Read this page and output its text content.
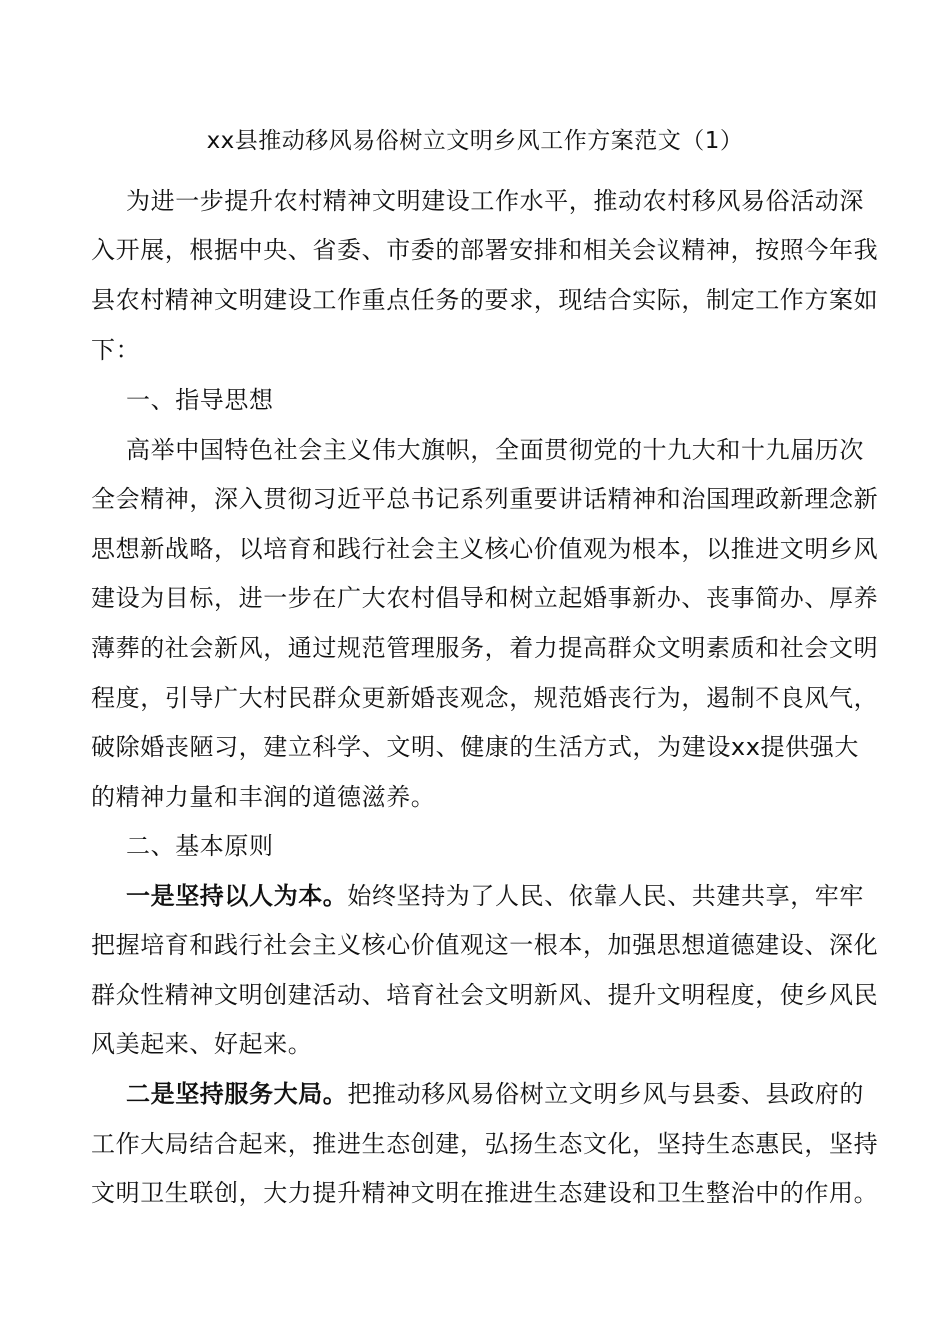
xx县推动移风易俗树立文明乡风工作方案范文（1）
为进一步提升农村精神文明建设工作水平，推动农村移风易俗活动深
入开展，根据中央、省委、市委的部署安排和相关会议精神，按照今年我
县农村精神文明建设工作重点任务的要求，现结合实际，制定工作方案如
下：
一、指导思想
高举中国特色社会主义伟大旗帜，全面贯彻党的十九大和十九届历次
全会精神，深入贯彻习近平总书记系列重要讲话精神和治国理政新理念新
思想新战略，以培育和践行社会主义核心价值观为根本，以推进文明乡风
建设为目标，进一步在广大农村倡导和树立起婚事新办、丧事简办、厚养
薄葬的社会新风，通过规范管理服务，着力提高群众文明素质和社会文明
程度，引导广大村民群众更新婚丧观念，规范婚丧行为，遏制不良风气，
破除婚丧陋习，建立科学、文明、健康的生活方式，为建设xx提供强大
的精神力量和丰润的道德滋养。
二、基本原则
一是坚持以人为本。始终坚持为了人民、依靠人民、共建共享，牢牢
把握培育和践行社会主义核心价值观这一根本，加强思想道德建设、深化
群众性精神文明创建活动、培育社会文明新风、提升文明程度，使乡风民
风美起来、好起来。
二是坚持服务大局。把推动移风易俗树立文明乡风与县委、县政府的
工作大局结合起来，推进生态创建，弘扬生态文化，坚持生态惠民，坚持
文明卫生联创，大力提升精神文明在推进生态建设和卫生整治中的作用。
